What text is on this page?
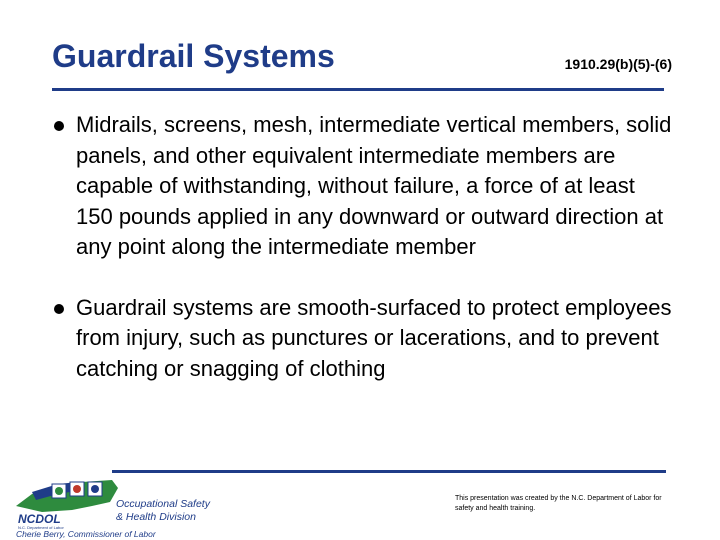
Guardrail Systems	1910.29(b)(5)-(6)
Midrails, screens, mesh, intermediate vertical members, solid panels, and other equivalent intermediate members are capable of withstanding, without failure, a force of at least 150 pounds applied in any downward or outward direction at any point along the intermediate member
Guardrail systems are smooth-surfaced to protect employees from injury, such as punctures or lacerations, and to prevent catching or snagging of clothing
NCDOL
N.C. Department of Labor
Occupational Safety
& Health Division
Cherie Berry, Commissioner of Labor
This presentation was created by the N.C. Department of Labor for safety and health training.
